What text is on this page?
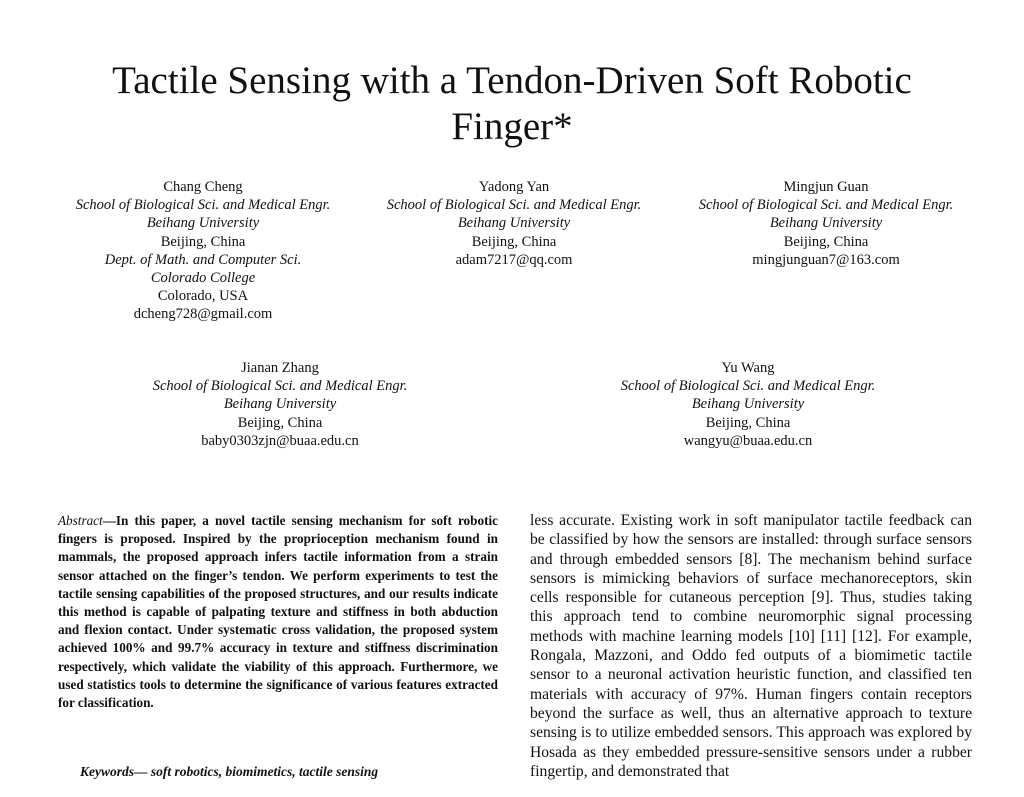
Tactile Sensing with a Tendon-Driven Soft Robotic
Finger*
Chang Cheng
School of Biological Sci. and Medical Engr.
Beihang University
Beijing, China
Dept. of Math. and Computer Sci.
Colorado College
Colorado, USA
dcheng728@gmail.com
Yadong Yan
School of Biological Sci. and Medical Engr.
Beihang University
Beijing, China
adam7217@qq.com
Mingjun Guan
School of Biological Sci. and Medical Engr.
Beihang University
Beijing, China
mingjunguan7@163.com
Jianan Zhang
School of Biological Sci. and Medical Engr.
Beihang University
Beijing, China
baby0303zjn@buaa.edu.cn
Yu Wang
School of Biological Sci. and Medical Engr.
Beihang University
Beijing, China
wangyu@buaa.edu.cn
Abstract—In this paper, a novel tactile sensing mechanism for soft robotic fingers is proposed. Inspired by the proprioception mechanism found in mammals, the proposed approach infers tactile information from a strain sensor attached on the finger’s tendon. We perform experiments to test the tactile sensing capabilities of the proposed structures, and our results indicate this method is capable of palpating texture and stiffness in both abduction and flexion contact. Under systematic cross validation, the proposed system achieved 100% and 99.7% accuracy in texture and stiffness discrimination respectively, which validate the viability of this approach. Furthermore, we used statistics tools to determine the significance of various features extracted for classification.
Keywords— soft robotics, biomimetics, tactile sensing
less accurate. Existing work in soft manipulator tactile feedback can be classified by how the sensors are installed: through surface sensors and through embedded sensors [8]. The mechanism behind surface sensors is mimicking behaviors of surface mechanoreceptors, skin cells responsible for cutaneous perception [9]. Thus, studies taking this approach tend to combine neuromorphic signal processing methods with machine learning models [10] [11] [12]. For example, Rongala, Mazzoni, and Oddo fed outputs of a biomimetic tactile sensor to a neuronal activation heuristic function, and classified ten materials with accuracy of 97%. Human fingers contain receptors beyond the surface as well, thus an alternative approach to texture sensing is to utilize embedded sensors. This approach was explored by Hosada as they embedded pressure-sensitive sensors under a rubber fingertip, and demonstrated that
